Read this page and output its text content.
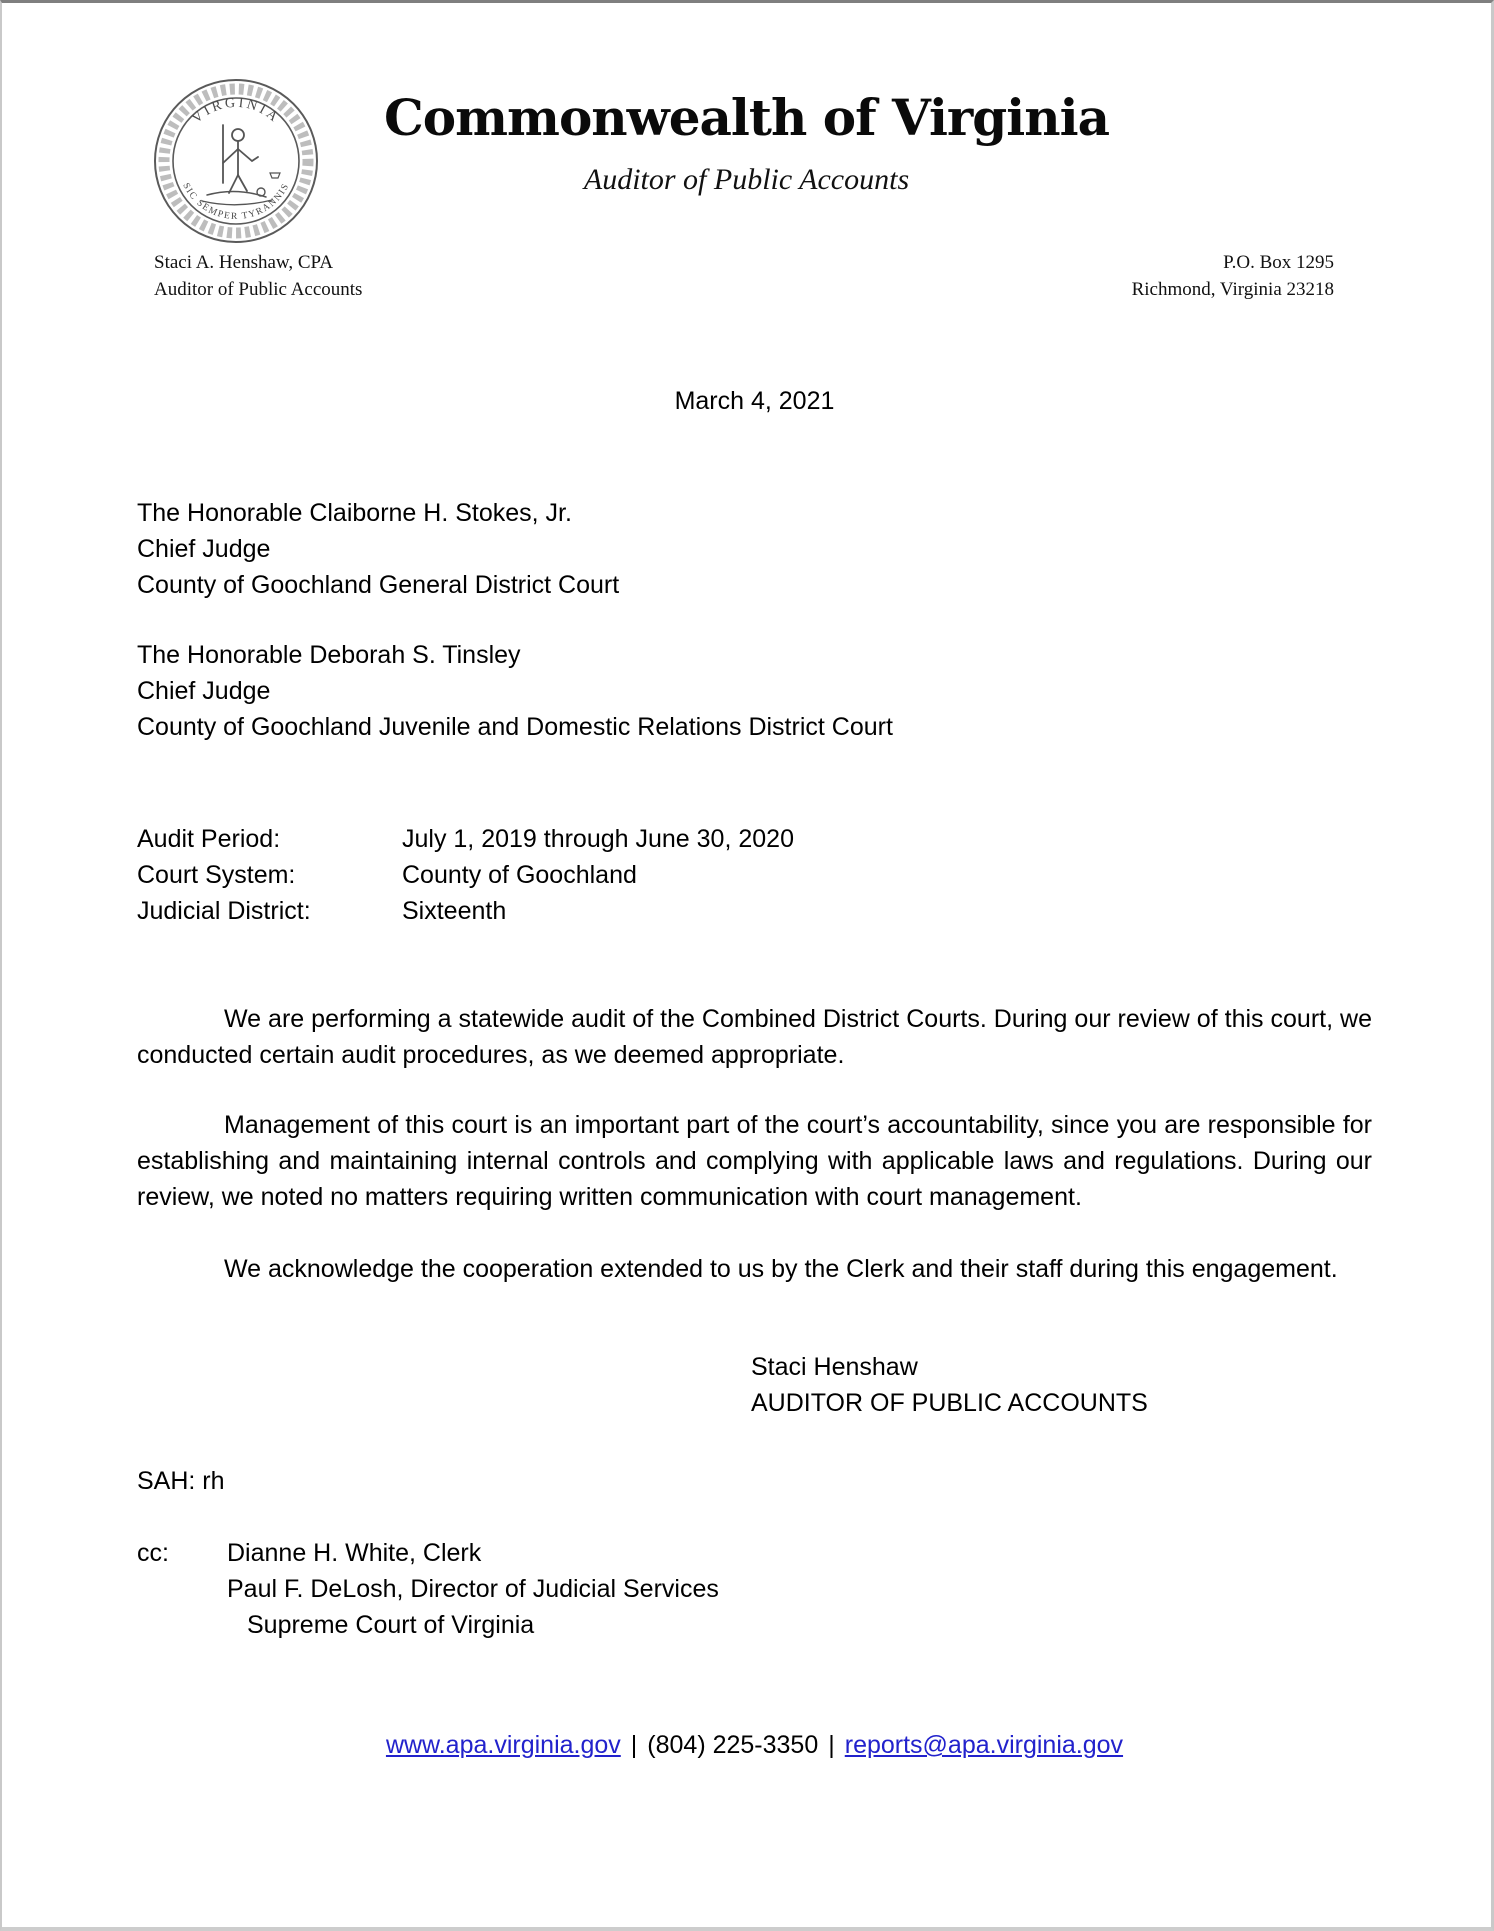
VIRGINIA
SIC SEMPER TYRANNIS
Commonwealth of Virginia
Auditor of Public Accounts
Staci A. Henshaw, CPA
Auditor of Public Accounts
P.O. Box 1295
Richmond, Virginia 23218
March 4, 2021
The Honorable Claiborne H. Stokes, Jr.
Chief Judge
County of Goochland General District Court
The Honorable Deborah S. Tinsley
Chief Judge
County of Goochland Juvenile and Domestic Relations District Court
Audit Period:	July 1, 2019 through June 30, 2020
Court System:	County of Goochland
Judicial District:	Sixteenth
We are performing a statewide audit of the Combined District Courts. During our review of this court, we conducted certain audit procedures, as we deemed appropriate.
Management of this court is an important part of the court’s accountability, since you are responsible for establishing and maintaining internal controls and complying with applicable laws and regulations. During our review, we noted no matters requiring written communication with court management.
We acknowledge the cooperation extended to us by the Clerk and their staff during this engagement.
Staci Henshaw
AUDITOR OF PUBLIC ACCOUNTS
SAH: rh
cc:	Dianne H. White, Clerk
Paul F. DeLosh, Director of Judicial Services
Supreme Court of Virginia
www.apa.virginia.gov | (804) 225-3350 | reports@apa.virginia.gov
